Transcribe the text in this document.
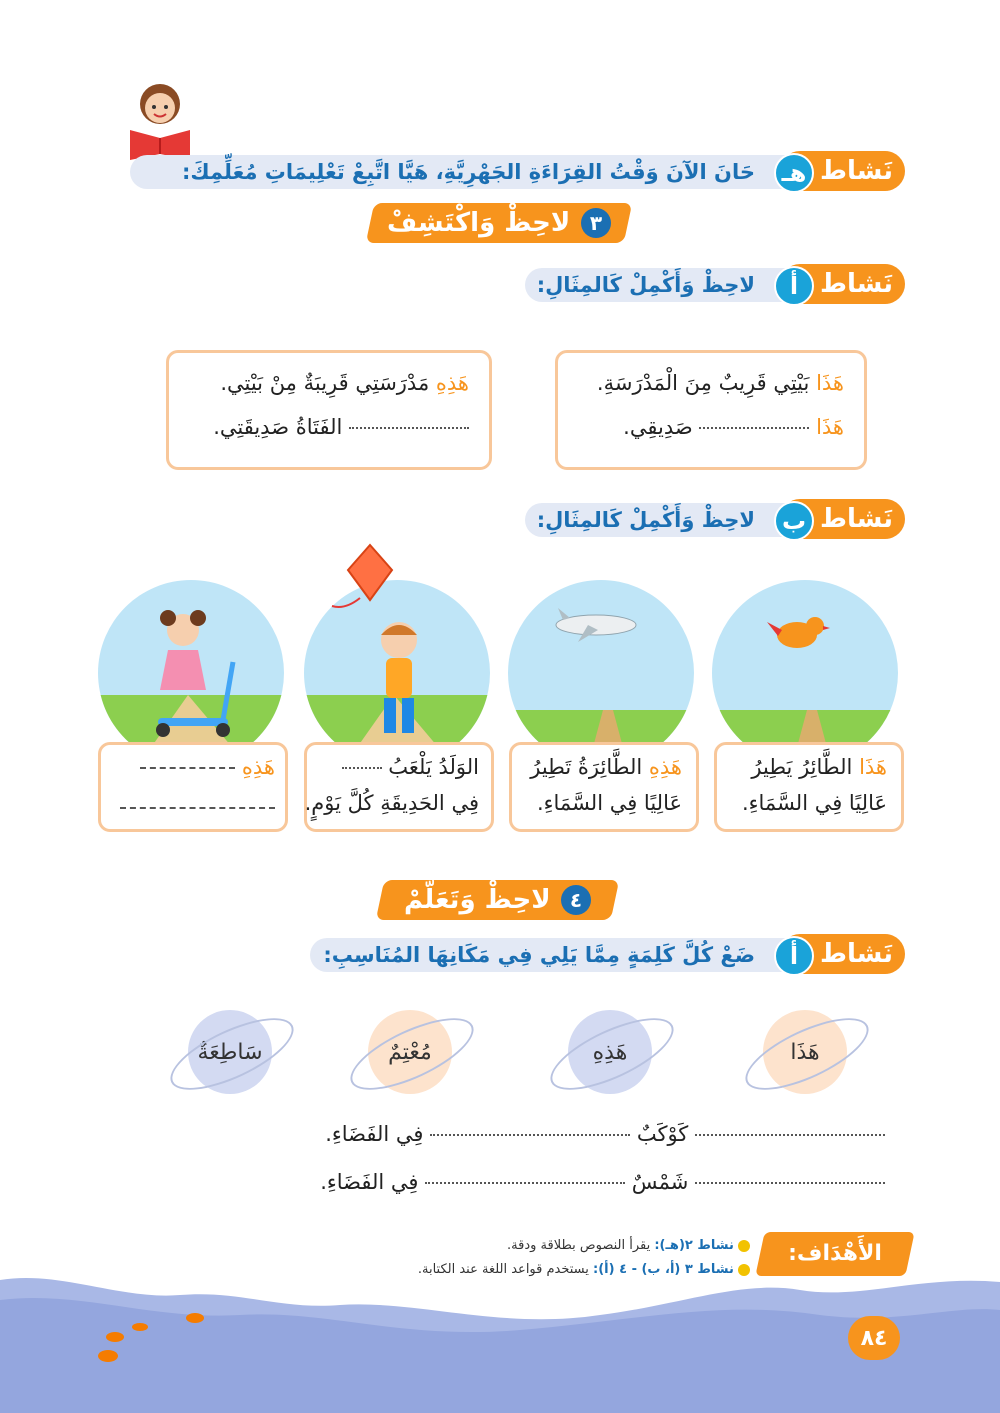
نَشاط
هـ
حَانَ الآنَ وَقْتُ القِرَاءَةِ الجَهْرِيَّةِ، هَيَّا اتَّبِعْ تَعْلِيمَاتِ مُعَلِّمِكَ:
٣
لاحِظْ وَاكْتَشِفْ
نَشاط
أ
لاحِظْ وَأَكْمِلْ كَالمِثَالِ:
هَذَا بَيْتِي قَرِيبٌ مِنَ الْمَدْرَسَةِ.
هَذَا  صَدِيقِي.
هَذِهِ مَدْرَسَتِي قَرِيبَةٌ مِنْ بَيْتِي.
الفَتَاةُ صَدِيقَتِي.
نَشاط
ب
لاحِظْ وَأَكْمِلْ كَالمِثَالِ:
هَذَا الطَّائِرُ يَطِيرُ
عَالِيًا فِي السَّمَاءِ.
هَذِهِ الطَّائِرَةُ تَطِيرُ
عَالِيًا فِي السَّمَاءِ.
الوَلَدُ يَلْعَبُ
فِي الحَدِيقَةِ كُلَّ يَوْمٍ.
هَذِهِ
٤
لاحِظْ وَتَعَلَّمْ
نَشاط
أ
ضَعْ كُلَّ كَلِمَةٍ مِمَّا يَلِي فِي مَكَانِهَا المُنَاسِبِ:
هَذَا
هَذِهِ
مُعْتِمٌ
سَاطِعَةٌ
كَوْكَبٌ  فِي الفَضَاءِ.
شَمْسٌ  فِي الفَضَاءِ.
الأَهْدَاف:
نشاط ٢(هـ): يقرأ النصوص بطلاقة ودقة.
نشاط ٣ (أ، ب) - ٤ (أ): يستخدم قواعد اللغة عند الكتابة.
٨٤
